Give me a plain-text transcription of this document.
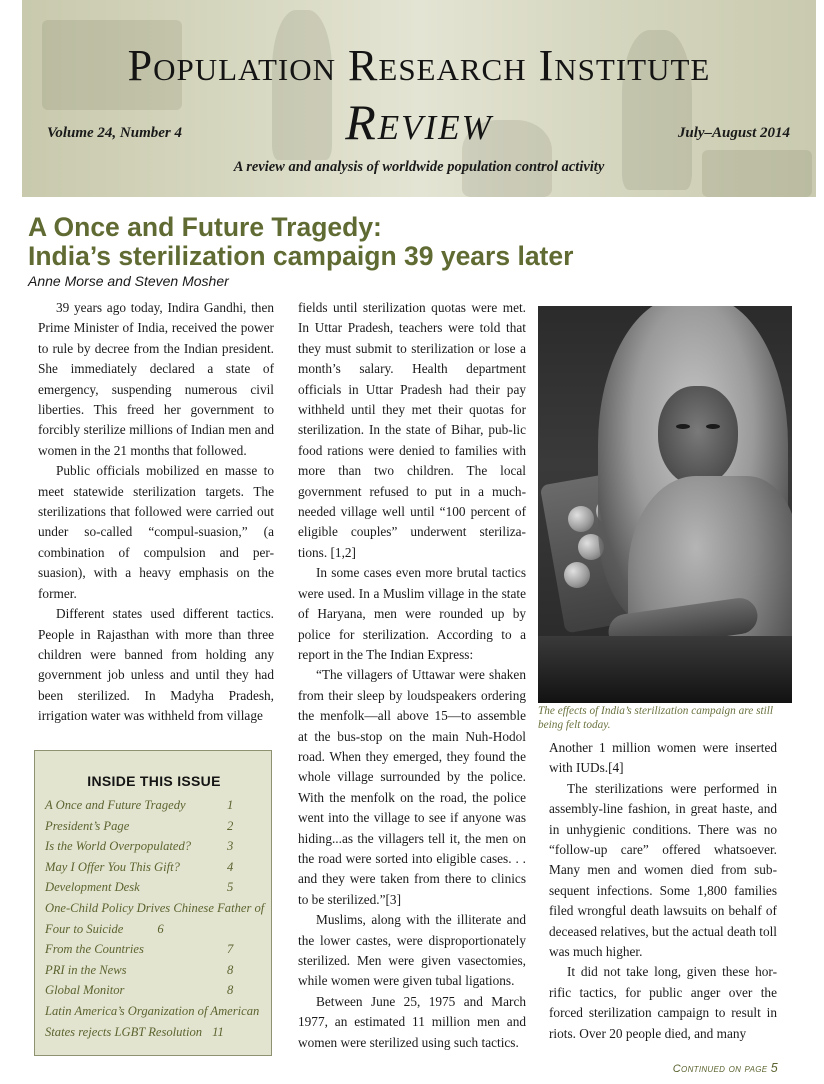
Population Research Institute
Review
Volume 24, Number 4	July–August 2014
A review and analysis of worldwide population control activity
A Once and Future Tragedy:
India’s sterilization campaign 39 years later
Anne Morse and Steven Mosher

39 years ago today, Indira Gandhi, then Prime Minister of India, received the power to rule by decree from the Indian president. She immediately declared a state of emergency, suspending numerous civil liberties. This freed her government to forcibly sterilize millions of Indian men and women in the 21 months that followed.

Public officials mobilized en masse to meet statewide sterilization targets. The sterilizations that followed were carried out under so-called “compul-suasion,” (a combination of compulsion and per-suasion), with a heavy emphasis on the former.

Different states used different tactics. People in Rajasthan with more than three children were banned from holding any government job unless and until they had been sterilized. In Madyha Pradesh, irrigation water was withheld from village

fields until sterilization quotas were met. In Uttar Pradesh, teachers were told that they must submit to sterilization or lose a month’s salary. Health department officials in Uttar Pradesh had their pay withheld until they met their quotas for sterilization. In the state of Bihar, pub-lic food rations were denied to families with more than two children. The local government refused to put in a much-needed village well until “100 percent of eligible couples” underwent steriliza-tions. [1,2]

In some cases even more brutal tactics were used. In a Muslim village in the state of Haryana, men were rounded up by police for sterilization. According to a report in the The Indian Express:

“The villagers of Uttawar were shaken from their sleep by loudspeakers ordering the menfolk—all above 15—to assemble at the bus-stop on the main Nuh-Hodol road. When they emerged, they found the whole village surrounded by the police. With the menfolk on the road, the police went into the village to see if anyone was hiding...as the villagers tell it, the men on the road were sorted into eligible cases. . . and they were taken from there to clinics to be sterilized.”[3]

Muslims, along with the illiterate and the lower castes, were disproportionately sterilized. Men were given vasectomies, while women were given tubal ligations.

Between June 25, 1975 and March 1977, an estimated 11 million men and women were sterilized using such tactics.

The effects of India’s sterilization campaign are still being felt today.

Another 1 million women were inserted with IUDs.[4]

The sterilizations were performed in assembly-line fashion, in great haste, and in unhygienic conditions. There was no “follow-up care” offered whatsoever. Many men and women died from sub-sequent infections. Some 1,800 families filed wrongful death lawsuits on behalf of deceased relatives, but the actual death toll was much higher.

It did not take long, given these hor-rific tactics, for public anger over the forced sterilization campaign to result in riots. Over 20 people died, and many

INSIDE THIS ISSUE
A Once and Future Tragedy	1
President’s Page	2
Is the World Overpopulated?	3
May I Offer You This Gift?	4
Development Desk	5
One-Child Policy Drives Chinese Father of Four to Suicide	6
From the Countries	7
PRI in the News	8
Global Monitor	8
Latin America’s Organization of American States rejects LGBT Resolution 11
Continued on page 5
